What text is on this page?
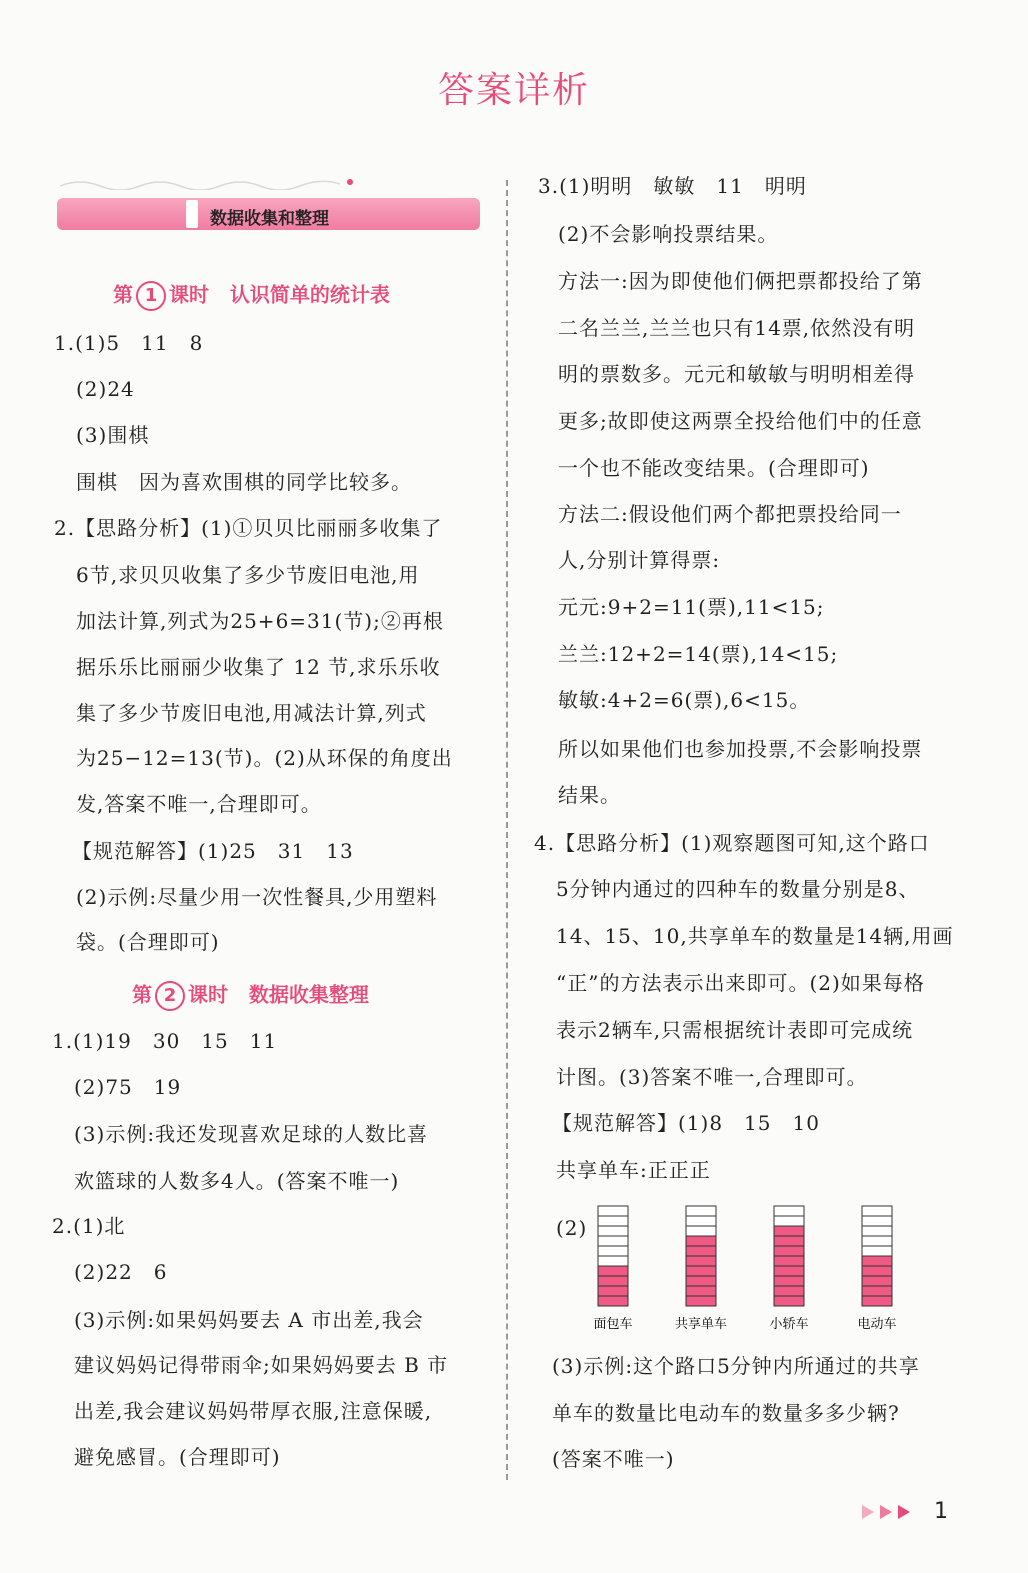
答案详析
数据收集和整理
第 1 课时 认识简单的统计表
第 2 课时 数据收集整理
1.(1)5　11　8
(2)24
(3)围棋
围棋　因为喜欢围棋的同学比较多。
2.【思路分析】(1)①贝贝比丽丽多收集了
6节,求贝贝收集了多少节废旧电池,用
加法计算,列式为25+6=31(节);②再根
据乐乐比丽丽少收集了 12 节,求乐乐收
集了多少节废旧电池,用减法计算,列式
为25−12=13(节)。(2)从环保的角度出
发,答案不唯一,合理即可。
【规范解答】(1)25　31　13
(2)示例:尽量少用一次性餐具,少用塑料
袋。(合理即可)
1.(1)19　30　15　11
(2)75　19
(3)示例:我还发现喜欢足球的人数比喜
欢篮球的人数多4人。(答案不唯一)
2.(1)北
(2)22　6
(3)示例:如果妈妈要去 A 市出差,我会
建议妈妈记得带雨伞;如果妈妈要去 B 市
出差,我会建议妈妈带厚衣服,注意保暖,
避免感冒。(合理即可)
3.(1)明明　敏敏　11　明明
(2)不会影响投票结果。
方法一:因为即使他们俩把票都投给了第
二名兰兰,兰兰也只有14票,依然没有明
明的票数多。元元和敏敏与明明相差得
更多;故即使这两票全投给他们中的任意
一个也不能改变结果。(合理即可)
方法二:假设他们两个都把票投给同一
人,分别计算得票:
元元:9+2=11(票),11<15;
兰兰:12+2=14(票),14<15;
敏敏:4+2=6(票),6<15。
所以如果他们也参加投票,不会影响投票
结果。
4.【思路分析】(1)观察题图可知,这个路口
5分钟内通过的四种车的数量分别是8、
14、15、10,共享单车的数量是14辆,用画
“正”的方法表示出来即可。(2)如果每格
表示2辆车,只需根据统计表即可完成统
计图。(3)答案不唯一,合理即可。
【规范解答】(1)8　15　10
共享单车:正正正
(2)
(3)示例:这个路口5分钟内所通过的共享
单车的数量比电动车的数量多多少辆?
(答案不唯一)
面包车	共享单车	小轿车	电动车
1
